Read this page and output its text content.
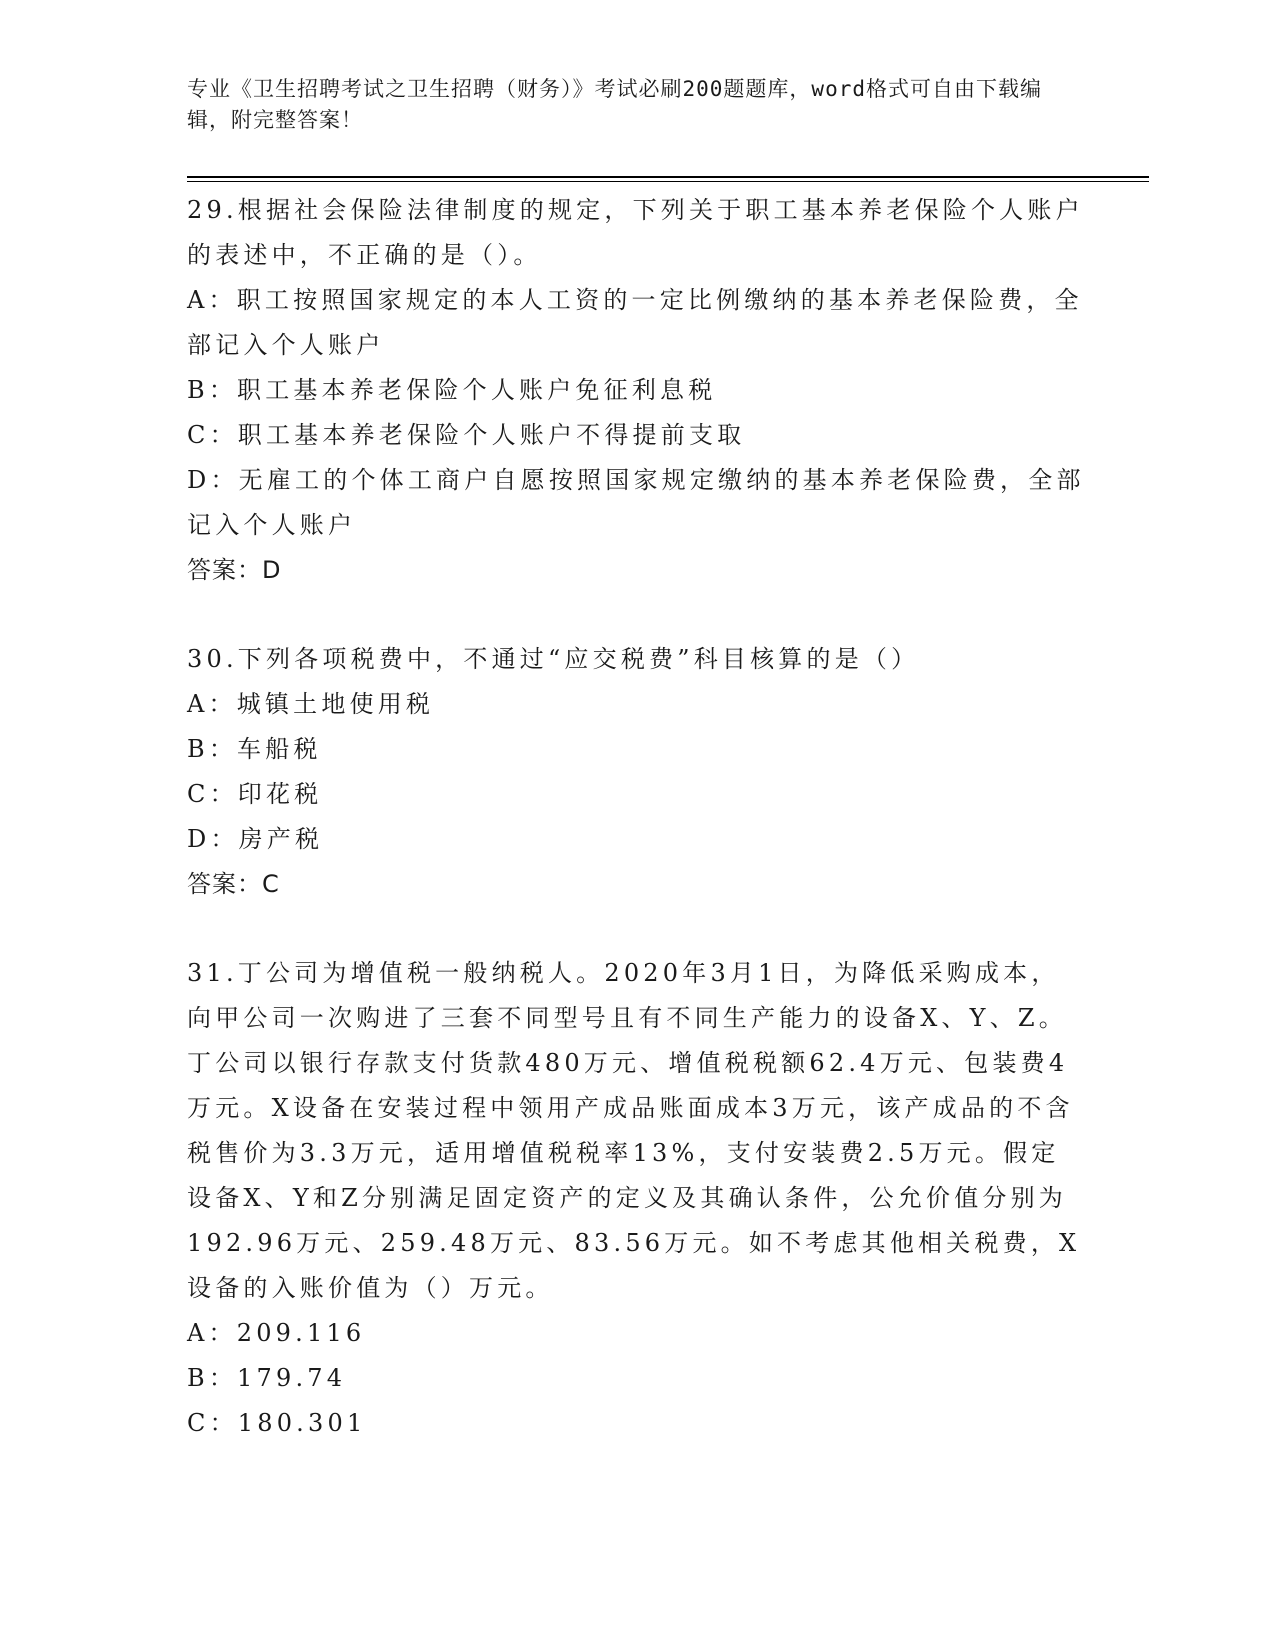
专业《卫生招聘考试之卫生招聘（财务）》考试必刷200题题库，word格式可自由下载编辑，附完整答案！

29.根据社会保险法律制度的规定，下列关于职工基本养老保险个人账户的表述中，不正确的是（）。

A：职工按照国家规定的本人工资的一定比例缴纳的基本养老保险费，全部记入个人账户

B：职工基本养老保险个人账户免征利息税

C：职工基本养老保险个人账户不得提前支取

D：无雇工的个体工商户自愿按照国家规定缴纳的基本养老保险费，全部记入个人账户

答案：D

30.下列各项税费中，不通过“应交税费”科目核算的是（）

A：城镇土地使用税

B：车船税

C：印花税

D：房产税

答案：C

31.丁公司为增值税一般纳税人。2020年3月1日，为降低采购成本，向甲公司一次购进了三套不同型号且有不同生产能力的设备X、Y、Z。丁公司以银行存款支付货款480万元、增值税税额62.4万元、包装费4万元。X设备在安装过程中领用产成品账面成本3万元，该产成品的不含税售价为3.3万元，适用增值税税率13%，支付安装费2.5万元。假定设备X、Y和Z分别满足固定资产的定义及其确认条件，公允价值分别为192.96万元、259.48万元、83.56万元。如不考虑其他相关税费，X设备的入账价值为（）万元。

A：209.116

B：179.74

C：180.301
